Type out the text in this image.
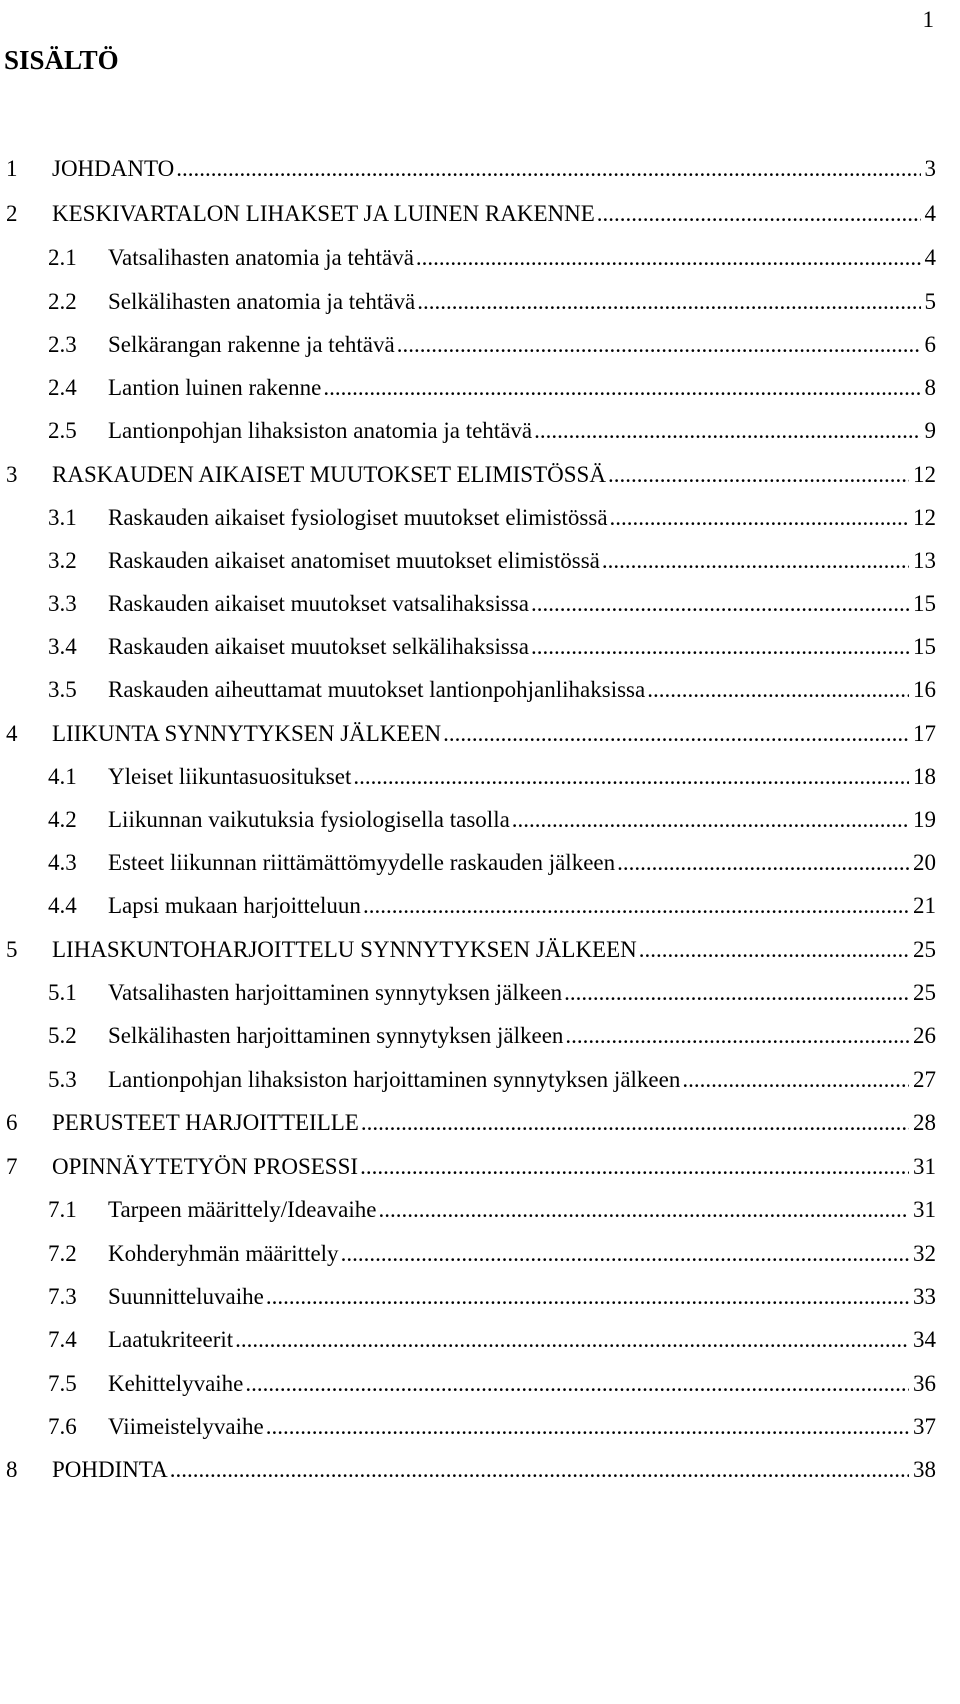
1
SISÄLTÖ
1	JOHDANTO .....	3
2	KESKIVARTALON LIHAKSET JA LUINEN RAKENNE .....	4
2.1	Vatsalihasten anatomia ja tehtävä .....	4
2.2	Selkälihasten anatomia ja tehtävä .....	5
2.3	Selkärangan rakenne ja tehtävä .....	6
2.4	Lantion luinen rakenne .....	8
2.5	Lantionpohjan lihaksiston anatomia ja tehtävä .....	9
3	RASKAUDEN AIKAISET MUUTOKSET ELIMISTÖSSÄ .....	12
3.1	Raskauden aikaiset fysiologiset muutokset elimistössä .....	12
3.2	Raskauden aikaiset anatomiset muutokset elimistössä .....	13
3.3	Raskauden aikaiset muutokset vatsalihaksissa .....	15
3.4	Raskauden aikaiset muutokset selkälihaksissa .....	15
3.5	Raskauden aiheuttamat muutokset lantionpohjanlihaksissa .....	16
4	LIIKUNTA SYNNYTYKSEN JÄLKEEN .....	17
4.1	Yleiset liikuntasuositukset .....	18
4.2	Liikunnan vaikutuksia fysiologisella tasolla .....	19
4.3	Esteet liikunnan riittämättömyydelle raskauden jälkeen .....	20
4.4	Lapsi mukaan harjoitteluun .....	21
5	LIHASKUNTOHARJOITTELU SYNNYTYKSEN JÄLKEEN .....	25
5.1	Vatsalihasten harjoittaminen synnytyksen jälkeen .....	25
5.2	Selkälihasten harjoittaminen synnytyksen jälkeen .....	26
5.3	Lantionpohjan lihaksiston harjoittaminen synnytyksen jälkeen .....	27
6	PERUSTEET HARJOITTEILLE .....	28
7	OPINNÄYTETYÖN PROSESSI .....	31
7.1	Tarpeen määrittely/Ideavaihe .....	31
7.2	Kohderyhmän määrittely .....	32
7.3	Suunnitteluvaihe .....	33
7.4	Laatukriteerit .....	34
7.5	Kehittelyvaihe .....	36
7.6	Viimeistelyvaihe .....	37
8	POHDINTA .....	38
